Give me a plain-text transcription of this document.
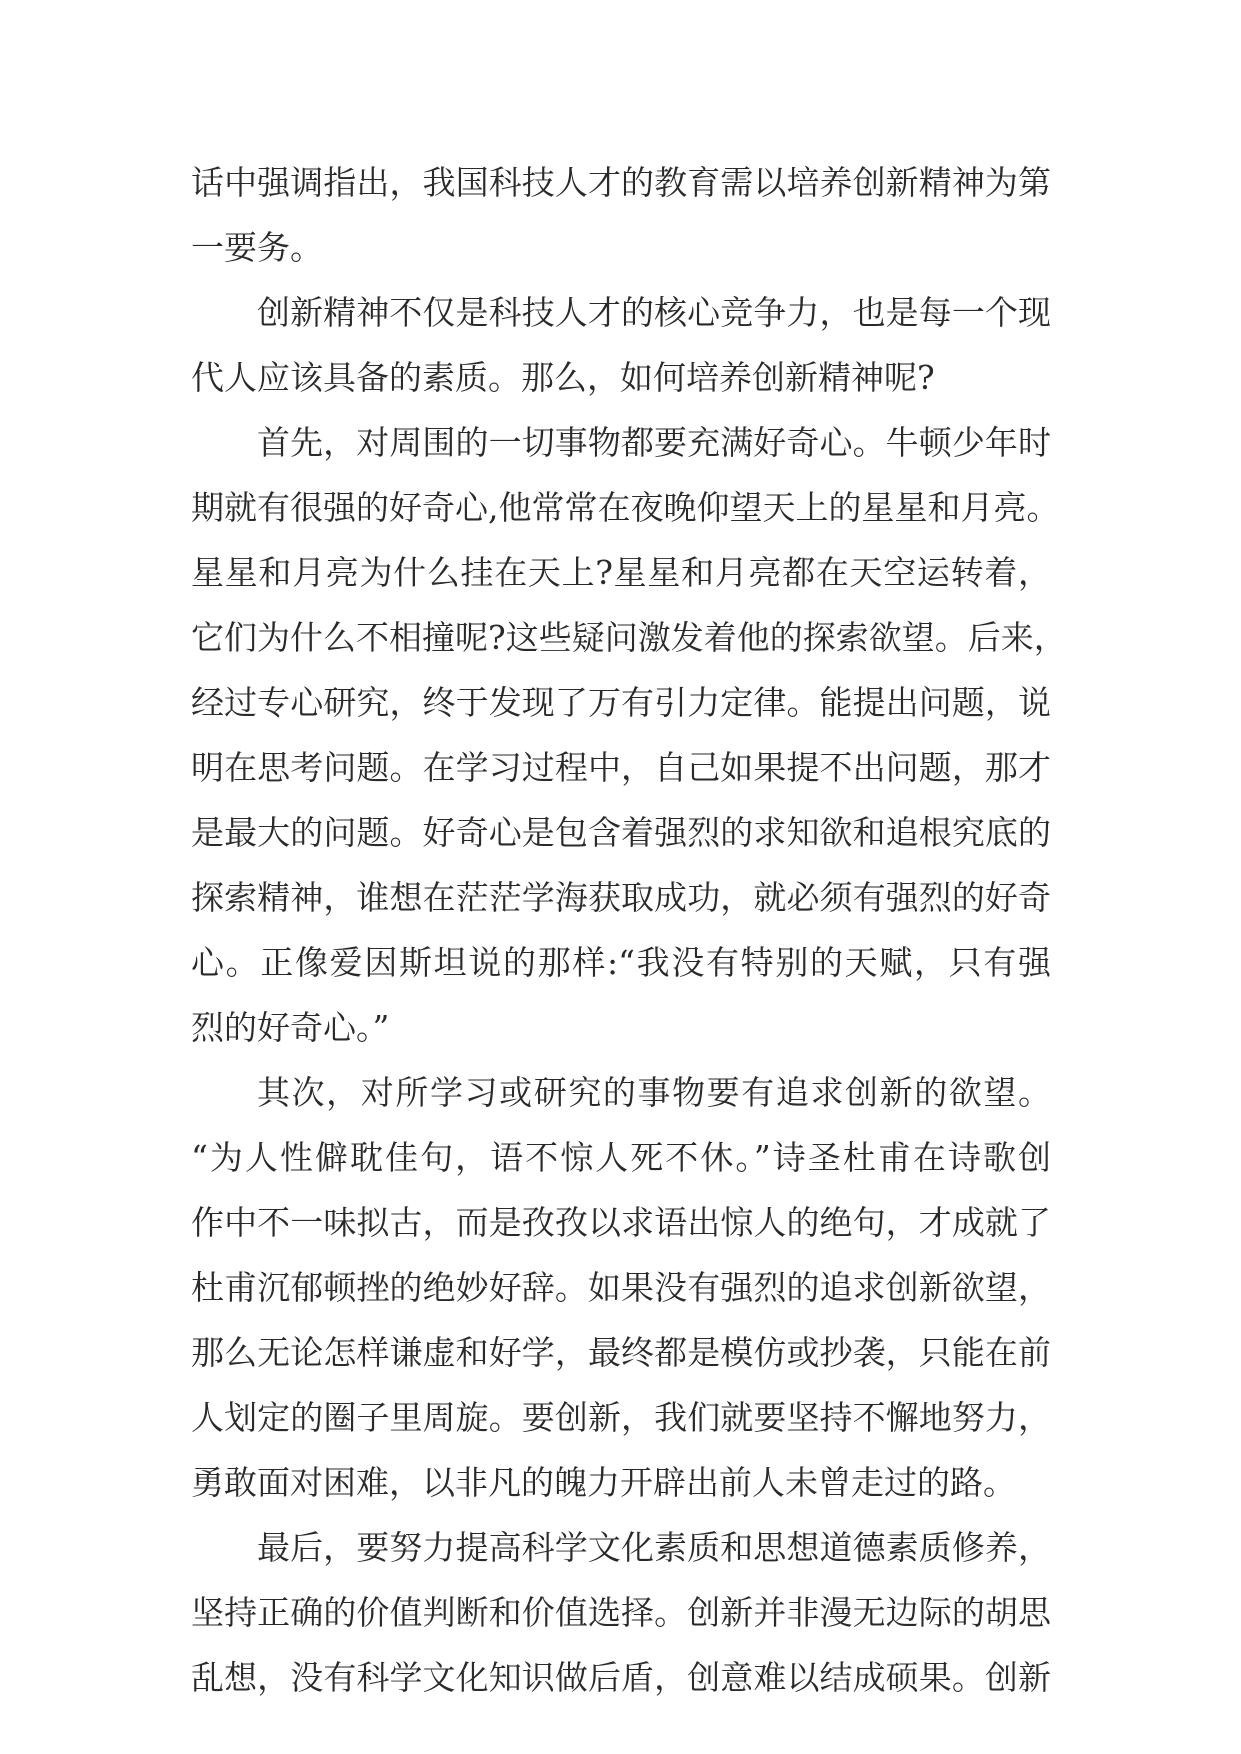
话中强调指出，我国科技人才的教育需以培养创新精神为第
一要务。
创新精神不仅是科技人才的核心竞争力，也是每一个现
代人应该具备的素质。那么，如何培养创新精神呢?
首先，对周围的一切事物都要充满好奇心。牛顿少年时
期就有很强的好奇心,他常常在夜晚仰望天上的星星和月亮。
星星和月亮为什么挂在天上?星星和月亮都在天空运转着，
它们为什么不相撞呢?这些疑问激发着他的探索欲望。后来，
经过专心研究，终于发现了万有引力定律。能提出问题，说
明在思考问题。在学习过程中，自己如果提不出问题，那才
是最大的问题。好奇心是包含着强烈的求知欲和追根究底的
探索精神，谁想在茫茫学海获取成功，就必须有强烈的好奇
心。正像爱因斯坦说的那样:“我没有特别的天赋，只有强
烈的好奇心。”
其次，对所学习或研究的事物要有追求创新的欲望。
“为人性僻耽佳句，语不惊人死不休。”诗圣杜甫在诗歌创
作中不一味拟古，而是孜孜以求语出惊人的绝句，才成就了
杜甫沉郁顿挫的绝妙好辞。如果没有强烈的追求创新欲望，
那么无论怎样谦虚和好学，最终都是模仿或抄袭，只能在前
人划定的圈子里周旋。要创新，我们就要坚持不懈地努力，
勇敢面对困难，以非凡的魄力开辟出前人未曾走过的路。
最后，要努力提高科学文化素质和思想道德素质修养，
坚持正确的价值判断和价值选择。创新并非漫无边际的胡思
乱想，没有科学文化知识做后盾，创意难以结成硕果。创新
